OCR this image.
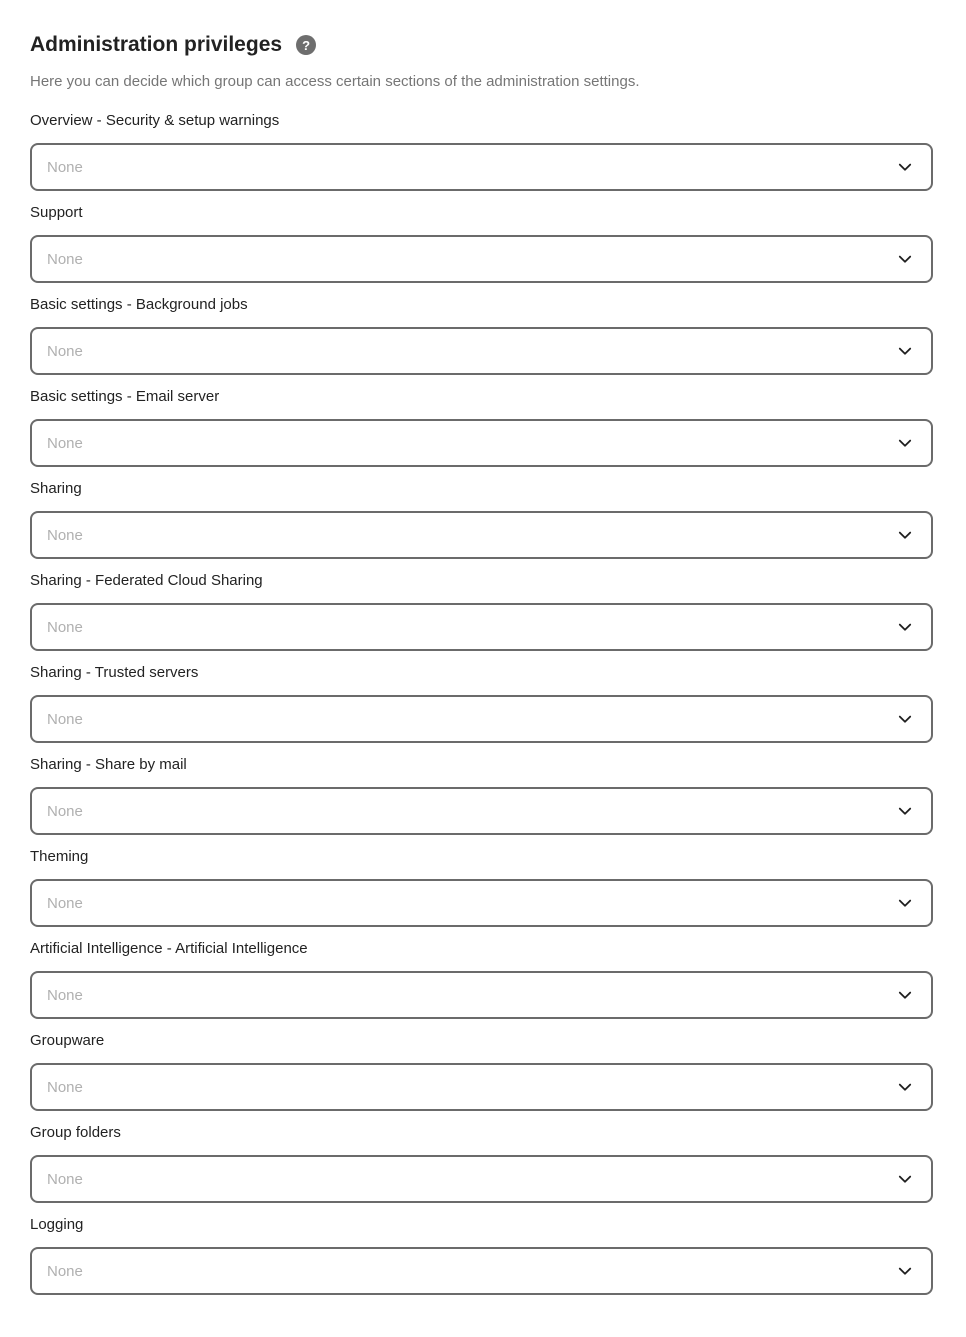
Administration privileges	?

Here you can decide which group can access certain sections of the administration settings.

Overview - Security & setup warnings
None
Support
None
Basic settings - Background jobs
None
Basic settings - Email server
None
Sharing
None
Sharing - Federated Cloud Sharing
None
Sharing - Trusted servers
None
Sharing - Share by mail
None
Theming
None
Artificial Intelligence - Artificial Intelligence
None
Groupware
None
Group folders
None
Logging
None
